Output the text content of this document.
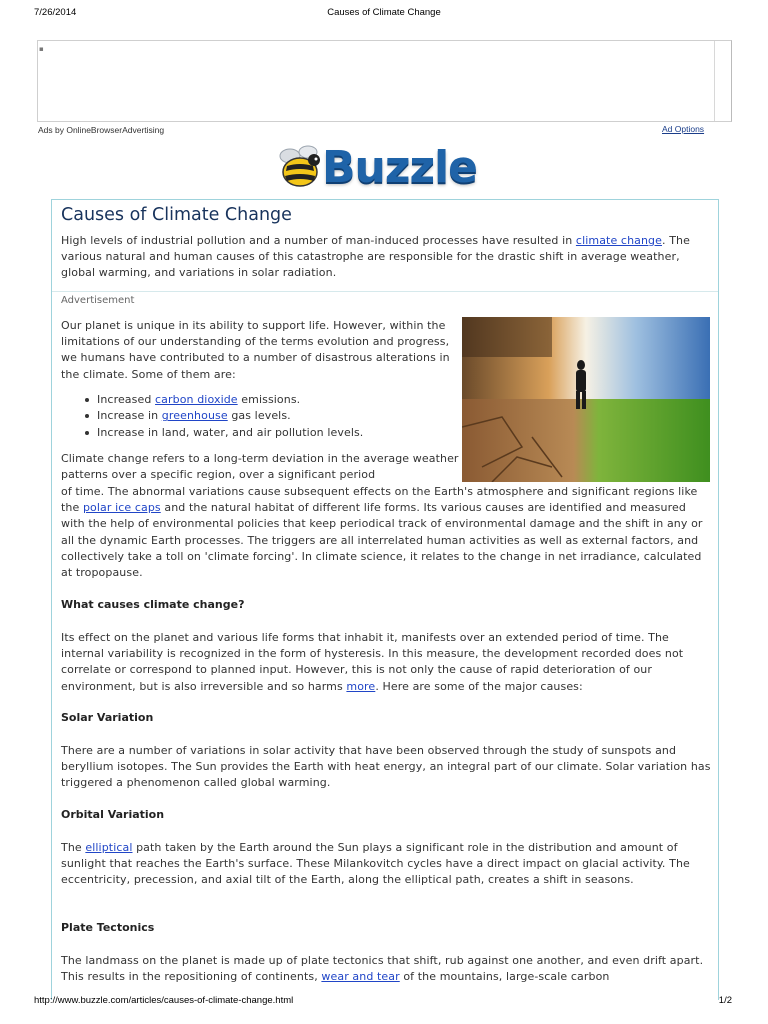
7/26/2014	Causes of Climate Change
▪
Ads by OnlineBrowserAdvertising	Ad Options
Buzzle
Causes of Climate Change

High levels of industrial pollution and a number of man-induced processes have resulted in climate change. The various natural and human causes of this catastrophe are responsible for the drastic shift in average weather, global warming, and variations in solar radiation.

Advertisement

Our planet is unique in its ability to support life. However, within the limitations of our understanding of the terms evolution and progress, we humans have contributed to a number of disastrous alterations in the climate. Some of them are:

Increased carbon dioxide emissions.
Increase in greenhouse gas levels.
Increase in land, water, and air pollution levels.

Climate change refers to a long-term deviation in the average weather patterns over a specific region, over a significant period

of time. The abnormal variations cause subsequent effects on the Earth's atmosphere and significant regions like the polar ice caps and the natural habitat of different life forms. Its various causes are identified and measured with the help of environmental policies that keep periodical track of environmental damage and the shift in any or all the dynamic Earth processes. The triggers are all interrelated human activities as well as external factors, and collectively take a toll on 'climate forcing'. In climate science, it relates to the change in net irradiance, calculated at tropopause.

What causes climate change?

Its effect on the planet and various life forms that inhabit it, manifests over an extended period of time. The internal variability is recognized in the form of hysteresis. In this measure, the development recorded does not correlate or correspond to planned input. However, this is not only the cause of rapid deterioration of our environment, but is also irreversible and so harms more. Here are some of the major causes:

Solar Variation

There are a number of variations in solar activity that have been observed through the study of sunspots and beryllium isotopes. The Sun provides the Earth with heat energy, an integral part of our climate. Solar variation has triggered a phenomenon called global warming.

Orbital Variation

The elliptical path taken by the Earth around the Sun plays a significant role in the distribution and amount of sunlight that reaches the Earth's surface. These Milankovitch cycles have a direct impact on glacial activity. The eccentricity, precession, and axial tilt of the Earth, along the elliptical path, creates a shift in seasons.

Plate Tectonics

The landmass on the planet is made up of plate tectonics that shift, rub against one another, and even drift apart. This results in the repositioning of continents, wear and tear of the mountains, large-scale carbon

http://www.buzzle.com/articles/causes-of-climate-change.html	1/2
